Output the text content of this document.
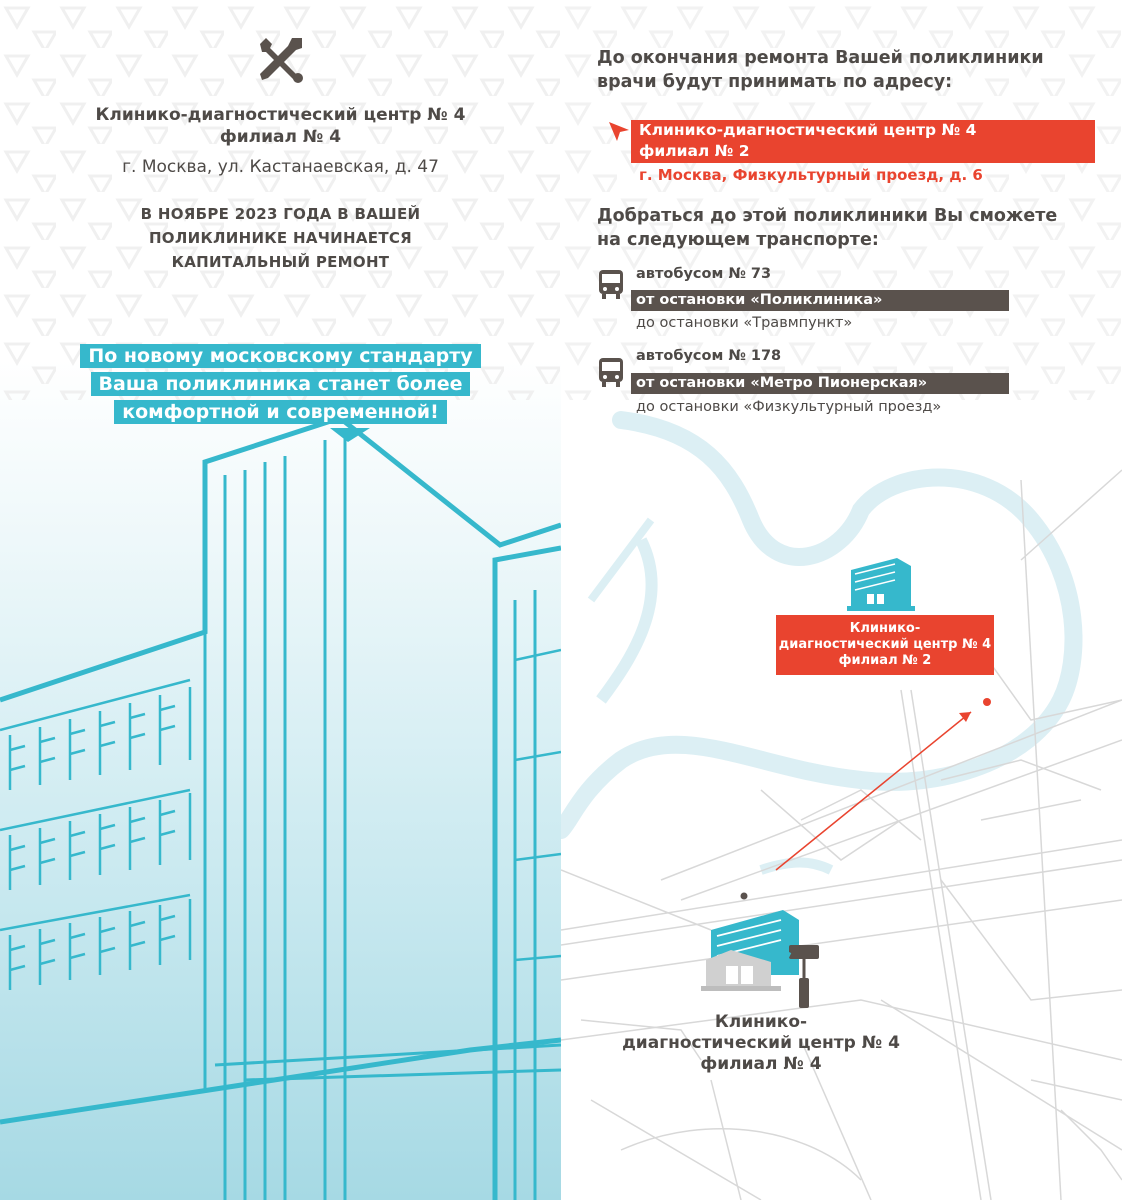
Клинико-диагностический центр № 4
филиал № 4
г. Москва, ул. Кастанаевская, д. 47
В НОЯБРЕ 2023 ГОДА В ВАШЕЙ
ПОЛИКЛИНИКЕ НАЧИНАЕТСЯ
КАПИТАЛЬНЫЙ РЕМОНТ
По новому московскому стандарту
Ваша поликлиника станет более
комфортной и современной!
До окончания ремонта Вашей поликлиники
врачи будут принимать по адресу:
Клинико-диагностический центр № 4
филиал № 2
г. Москва, Физкультурный проезд, д. 6
Добраться до этой поликлиники Вы сможете
на следующем транспорте:
автобусом № 73
от остановки «Поликлиника»
до остановки «Травмпункт»
автобусом № 178
от остановки «Метро Пионерская»
до остановки «Физкультурный проезд»
Клинико-
диагностический центр № 4
филиал № 2
Клинико-
диагностический центр № 4
филиал № 4
